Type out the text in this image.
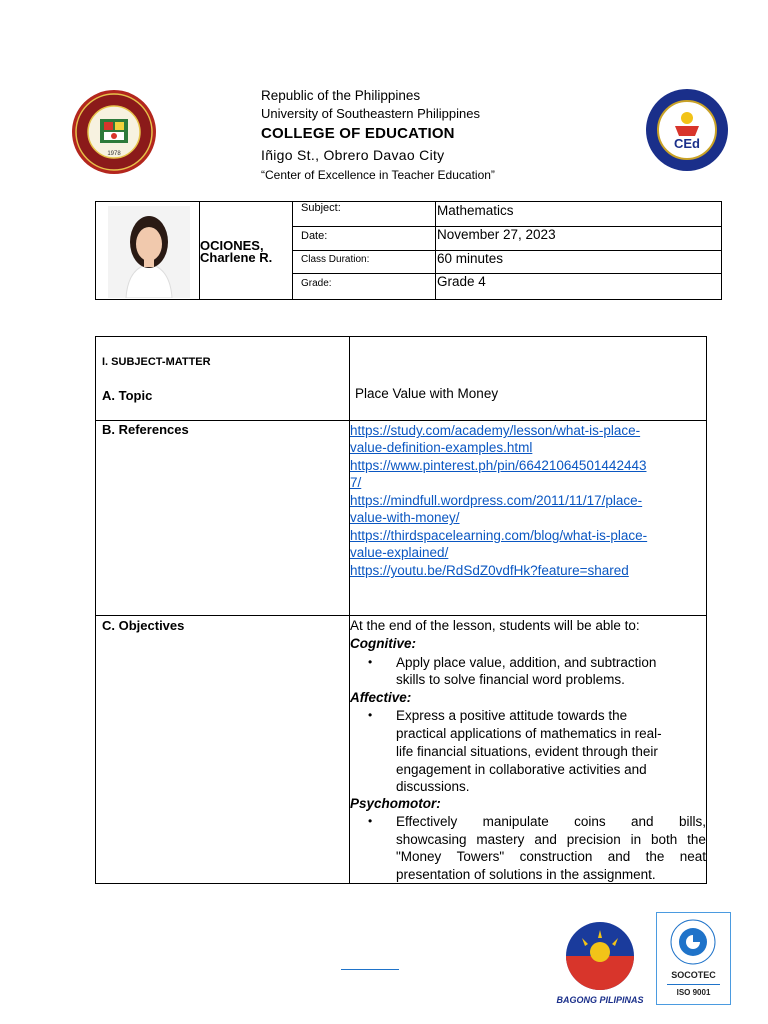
1978
CEd
Republic of the Philippines
University of Southeastern Philippines
COLLEGE OF EDUCATION
Iñigo St., Obrero Davao City
“Center of Excellence in Teacher Education”
OCIONES,
Charlene R.
Subject:	Mathematics
Date:	November 27, 2023
Class Duration:	60 minutes
Grade:	Grade 4
I. SUBJECT-MATTER
A. Topic	Place Value with Money
B. References	https://study.com/academy/lesson/what-is-place-
value-definition-examples.html
https://www.pinterest.ph/pin/66421064501442443
7/
https://mindfull.wordpress.com/2011/11/17/place-
value-with-money/
https://thirdspacelearning.com/blog/what-is-place-
value-explained/
https://youtu.be/RdSdZ0vdfHk?feature=shared
C. Objectives	At the end of the lesson, students will be able to:
Cognitive:
• Apply place value, addition, and subtraction
skills to solve financial word problems.
Affective:
• Express a positive attitude towards the
practical applications of mathematics in real-
life financial situations, evident through their
engagement in collaborative activities and
discussions.
Psychomotor:
• Effectively manipulate coins and bills,
showcasing mastery and precision in both the
"Money Towers" construction and the neat
presentation of solutions in the assignment.
BAGONG PILIPINAS
SOCOTEC
ISO 9001
